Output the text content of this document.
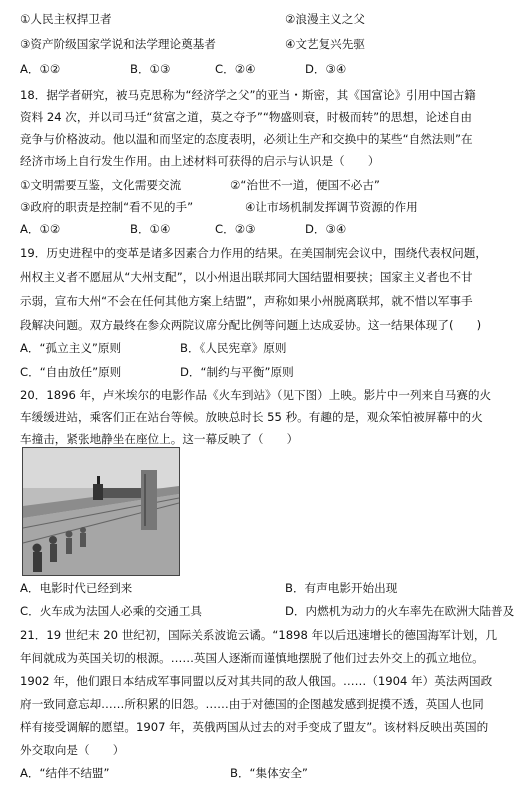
①人民主权捍卫者	②浪漫主义之父
③资产阶级国家学说和法学理论奠基者	④文艺复兴先驱
A．①②	B．①③	C．②④	D．③④
18．据学者研究，被马克思称为“经济学之父”的亚当・斯密，其《国富论》引用中国古籍
资料 24 次，并以司马迁“贫富之道，莫之夺予”“物盛则衰，时极而转”的思想，论述自由
竞争与价格波动。他以温和而坚定的态度表明，必须让生产和交换中的某些“自然法则”在
经济市场上自行发生作用。由上述材料可获得的启示与认识是（　　）
①文明需要互鉴，文化需要交流	②“治世不一道，便国不必古”
③政府的职责是控制“看不见的手”	④让市场机制发挥调节资源的作用
A．①②	B．①④	C．②③	D．③④
19．历史进程中的变革是诸多因素合力作用的结果。在美国制宪会议中，围绕代表权问题，
州权主义者不愿屈从“大州支配”，以小州退出联邦同大国结盟相要挟；国家主义者也不甘
示弱，宣布大州“不会在任何其他方案上结盟”，声称如果小州脱离联邦，就不惜以军事手
段解决问题。双方最终在参众两院议席分配比例等问题上达成妥协。这一结果体现了(　　)
A．“孤立主义”原则	B．《人民宪章》原则
C．“自由放任”原则	D．“制约与平衡”原则
20．1896 年，卢米埃尔的电影作品《火车到站》（见下图）上映。影片中一列来自马赛的火
车缓缓进站，乘客们正在站台等候。放映总时长 55 秒。有趣的是，观众笨怕被屏幕中的火
车撞击，紧张地静坐在座位上。这一幕反映了（　　）
A．电影时代已经到来	B．有声电影开始出现
C．火车成为法国人必乘的交通工具	D．内燃机为动力的火车率先在欧洲大陆普及
21．19 世纪末 20 世纪初，国际关系波诡云谲。“1898 年以后迅速增长的德国海军计划，几
年间就成为英国关切的根源。……英国人逐渐而谨慎地摆脱了他们过去外交上的孤立地位。
1902 年，他们跟日本结成军事同盟以反对其共同的敌人俄国。……（1904 年）英法两国政
府一致同意忘却……所积累的旧怨。……由于对德国的企图越发感到捉摸不透，英国人也同
样有接受调解的愿望。1907 年，英俄两国从过去的对手变成了盟友”。该材料反映出英国的
外交取向是（　　）
A．“结伴不结盟”	B．“集体安全”
